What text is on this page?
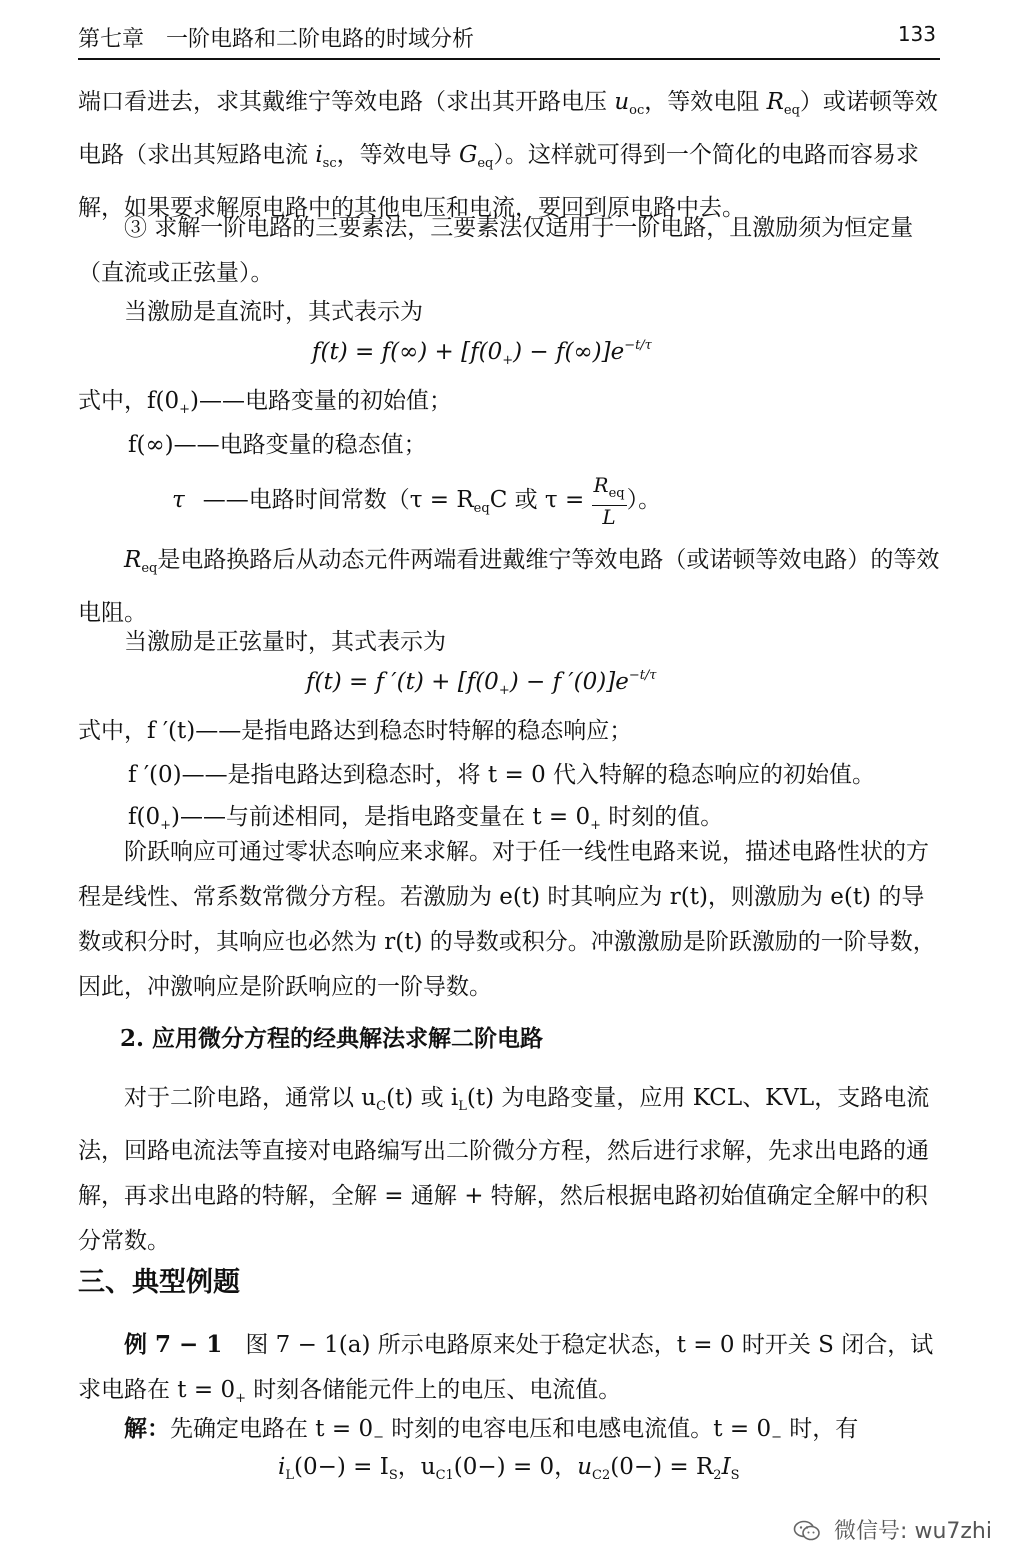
第七章　一阶电路和二阶电路的时域分析	133
端口看进去，求其戴维宁等效电路（求出其开路电压 $u_{oc}$，等效电阻 $R_{eq}$）或诺顿等效电路（求出其短路电流 $i_{sc}$，等效电导 $G_{eq}$）。这样就可得到一个简化的电路而容易求解，如果要求解原电路中的其他电压和电流，要回到原电路中去。
③ 求解一阶电路的三要素法，三要素法仅适用于一阶电路，且激励须为恒定量（直流或正弦量）。
当激励是直流时，其式表示为
$f(t) = f(\infty) + [f(0_+) - f(\infty)]e^{-t/\tau}$
式中，$f(0_+)——$电路变量的初始值；
f(∞)——电路变量的稳态值；
τ ——电路时间常数（$\tau = R_{eq}C$ 或 $\tau = \frac{R_{eq}}{L}$ ）。
$R_{eq}$是电路换路后从动态元件两端看进戴维宁等效电路（或诺顿等效电路）的等效电阻。
当激励是正弦量时，其式表示为
f(t) = f $'(t) + [f(0_+) - f$ $'(0)]e^{-t/\tau}$
式中，f ′(t)——是指电路达到稳态时特解的稳态响应；
f ′(0)——是指电路达到稳态时，将 t = 0 代入特解的稳态响应的初始值。
$f(0_+)——$与前述相同，是指电路变量在 $t = 0_+$ 时刻的值。
阶跃响应可通过零状态响应来求解。对于任一线性电路来说，描述电路性状的方程是线性、常系数常微分方程。若激励为 e(t) 时其响应为 r(t)，则激励为 e(t) 的导数或积分时，其响应也必然为 r(t) 的导数或积分。冲激激励是阶跃激励的一阶导数，因此，冲激响应是阶跃响应的一阶导数。
2. 应用微分方程的经典解法求解二阶电路
对于二阶电路，通常以 $u_C(t)$ 或 $i_L(t)$ 为电路变量，应用 KCL、KVL，支路电流法，回路电流法等直接对电路编写出二阶微分方程，然后进行求解，先求出电路的通解，再求出电路的特解，全解 = 通解 + 特解，然后根据电路初始值确定全解中的积分常数。
三、典型例题
例 7 − 1　图 7 − 1(a) 所示电路原来处于稳定状态，t = 0 时开关 S 闭合，试求电路在 $t = 0_+$ 时刻各储能元件上的电压、电流值。
解：先确定电路在 $t = 0_-$ 时刻的电容电压和电感电流值。$t = 0_-$ 时，有
$i_L(0-) = I_S$，$u_{C1}(0-) = 0$，$u_{C2}(0-) = R_2I_S$
微信号: wu7zhi
